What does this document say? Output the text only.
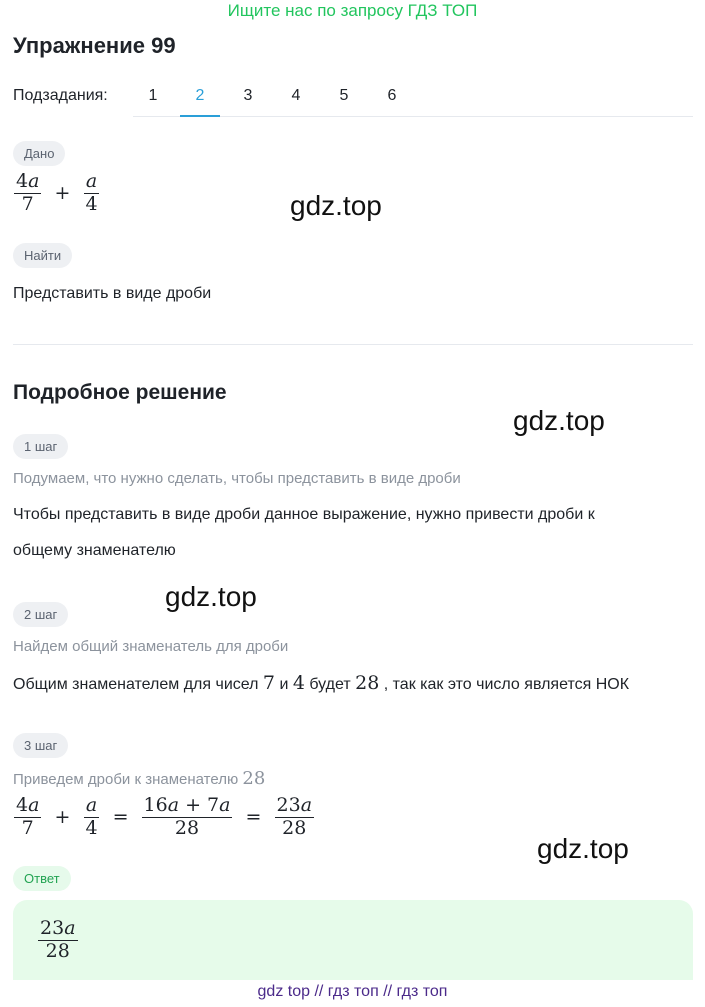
Ищите нас по запросу ГДЗ ТОП
Упражнение 99
Подзадания:	1	2	3	4	5	6
Дано
$\frac{4a}{7} + \frac{a}{4}$
Найти
Представить в виде дроби
Подробное решение
1 шаг
Подумаем, что нужно сделать, чтобы представить в виде дроби
Чтобы представить в виде дроби данное выражение, нужно привести дроби к
общему знаменателю
2 шаг
Найдем общий знаменатель для дроби
Общим знаменателем для чисел 7 и 4 будет 28 , так как это число является НОК
3 шаг
Приведем дроби к знаменателю 28
$\frac{4a}{7} + \frac{a}{4} = \frac{16a + 7a}{28} = \frac{23a}{28}$
Ответ
$\frac{23a}{28}$
gdz.top
gdz.top
gdz.top
gdz.top
gdz top // гдз топ // гдз топ
